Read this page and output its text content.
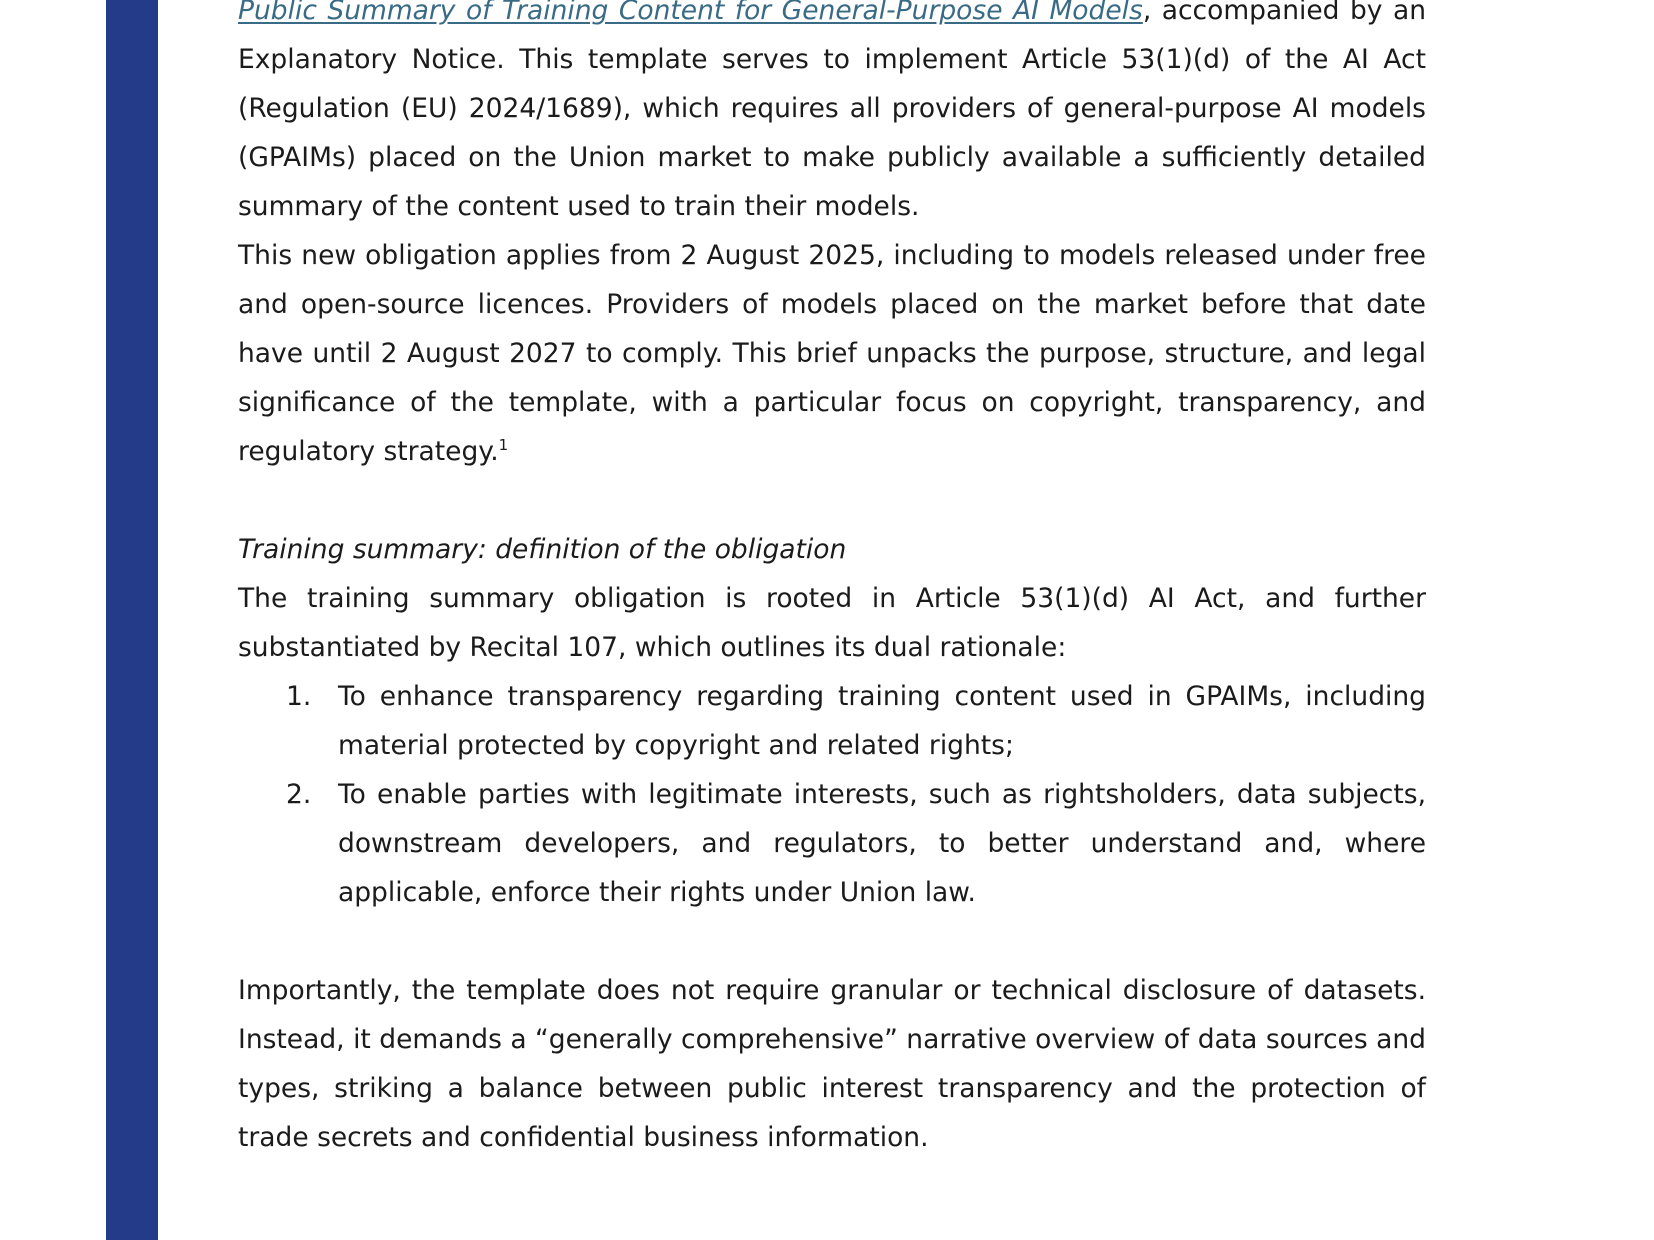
Public Summary of Training Content for General-Purpose AI Models, accompanied by an Explanatory Notice. This template serves to implement Article 53(1)(d) of the AI Act (Regulation (EU) 2024/1689), which requires all providers of general-purpose AI models (GPAIMs) placed on the Union market to make publicly available a sufficiently detailed summary of the content used to train their models.

This new obligation applies from 2 August 2025, including to models released under free and open-source licences. Providers of models placed on the market before that date have until 2 August 2027 to comply. This brief unpacks the purpose, structure, and legal significance of the template, with a particular focus on copyright, transparency, and regulatory strategy.$^1$

Training summary: definition of the obligation

The training summary obligation is rooted in Article 53(1)(d) AI Act, and further substantiated by Recital 107, which outlines its dual rationale:

1. To enhance transparency regarding training content used in GPAIMs, including material protected by copyright and related rights;
2. To enable parties with legitimate interests, such as rightsholders, data subjects, downstream developers, and regulators, to better understand and, where applicable, enforce their rights under Union law.

Importantly, the template does not require granular or technical disclosure of datasets. Instead, it demands a “generally comprehensive” narrative overview of data sources and types, striking a balance between public interest transparency and the protection of trade secrets and confidential business information.
